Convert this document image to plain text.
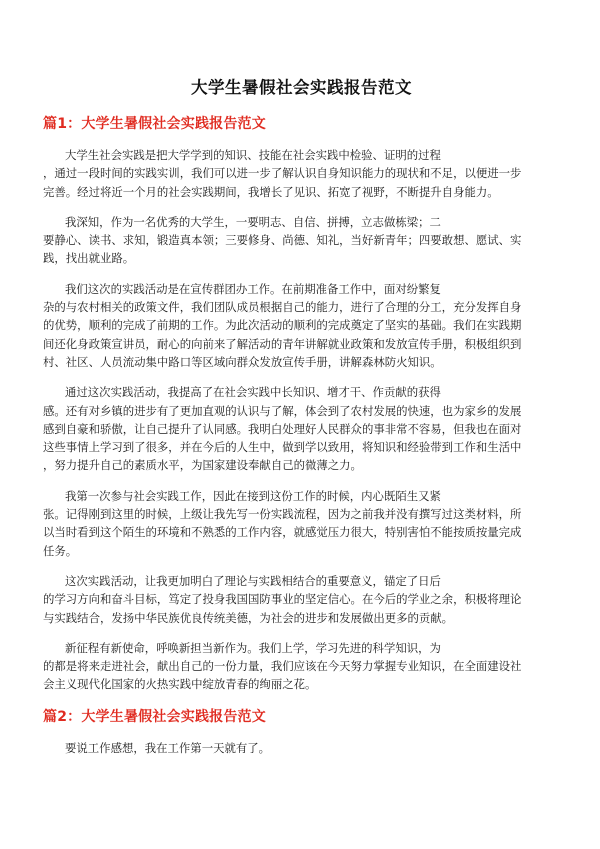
大学生暑假社会实践报告范文
篇1：大学生暑假社会实践报告范文
大学生社会实践是把大学学到的知识、技能在社会实践中检验、证明的过程
，通过一段时间的实践实训，我们可以进一步了解认识自身知识能力的现状和不足，以便进一步
完善。经过将近一个月的社会实践期间，我增长了见识、拓宽了视野，不断提升自身能力。
我深知，作为一名优秀的大学生，一要明志、自信、拼搏，立志做栋梁；二
要静心、读书、求知，锻造真本领；三要修身、尚德、知礼，当好新青年；四要敢想、愿试、实
践，找出就业路。
我们这次的实践活动是在宣传群团办工作。在前期准备工作中，面对纷繁复
杂的与农村相关的政策文件，我们团队成员根据自己的能力，进行了合理的分工，充分发挥自身
的优势，顺利的完成了前期的工作。为此次活动的顺利的完成奠定了坚实的基础。我们在实践期
间还化身政策宣讲员，耐心的向前来了解活动的青年讲解就业政策和发放宣传手册，积极组织到
村、社区、人员流动集中路口等区域向群众发放宣传手册，讲解森林防火知识。
通过这次实践活动，我提高了在社会实践中长知识、增才干、作贡献的获得
感。还有对乡镇的进步有了更加直观的认识与了解，体会到了农村发展的快速，也为家乡的发展
感到自豪和骄傲，让自己提升了认同感。我明白处理好人民群众的事非常不容易，但我也在面对
这些事情上学习到了很多，并在今后的人生中，做到学以致用，将知识和经验带到工作和生活中
，努力提升自己的素质水平，为国家建设奉献自己的微薄之力。
我第一次参与社会实践工作，因此在接到这份工作的时候，内心既陌生又紧
张。记得刚到这里的时候，上级让我先写一份实践流程，因为之前我并没有撰写过这类材料，所
以当时看到这个陌生的环境和不熟悉的工作内容，就感觉压力很大，特别害怕不能按质按量完成
任务。
这次实践活动，让我更加明白了理论与实践相结合的重要意义，锚定了日后
的学习方向和奋斗目标，笃定了投身我国国防事业的坚定信心。在今后的学业之余，积极将理论
与实践结合，发扬中华民族优良传统美德，为社会的进步和发展做出更多的贡献。
新征程有新使命，呼唤新担当新作为。我们上学，学习先进的科学知识，为
的都是将来走进社会，献出自己的一份力量，我们应该在今天努力掌握专业知识，在全面建设社
会主义现代化国家的火热实践中绽放青春的绚丽之花。
篇2：大学生暑假社会实践报告范文
要说工作感想，我在工作第一天就有了。
